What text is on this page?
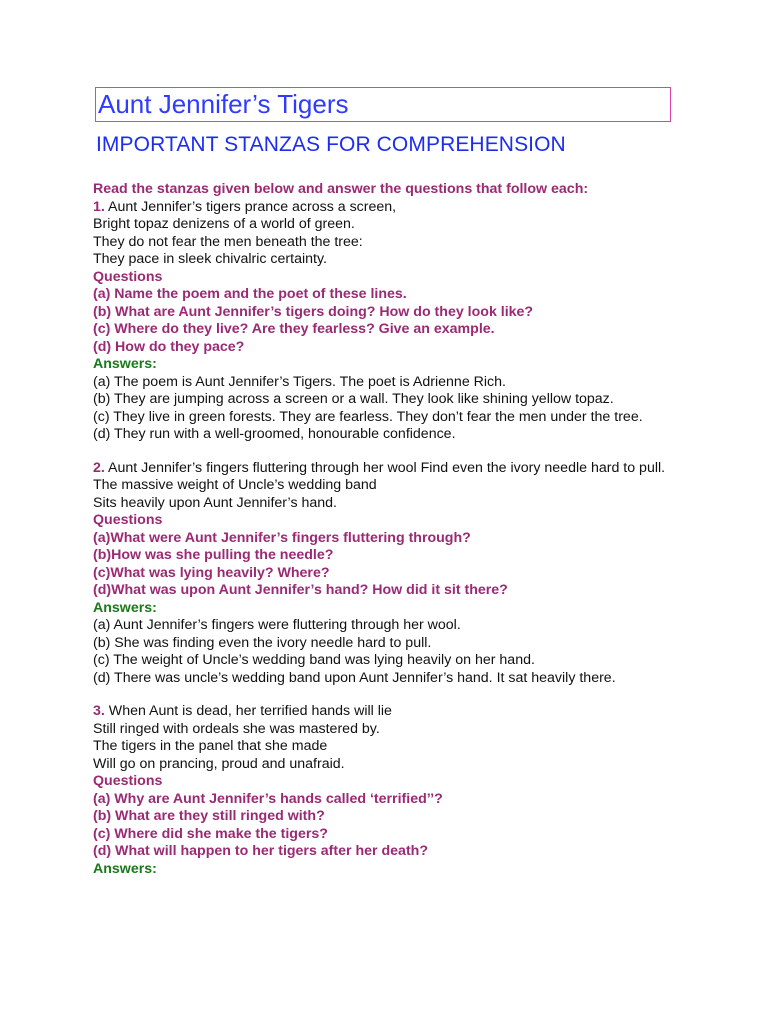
Aunt Jennifer’s Tigers
IMPORTANT STANZAS FOR COMPREHENSION
Read the stanzas given below and answer the questions that follow each:
1. Aunt Jennifer’s tigers prance across a screen,
Bright topaz denizens of a world of green.
They do not fear the men beneath the tree:
They pace in sleek chivalric certainty.
Questions
(a) Name the poem and the poet of these lines.
(b) What are Aunt Jennifer’s tigers doing? How do they look like?
(c) Where do they live? Are they fearless? Give an example.
(d) How do they pace?
Answers:
(a) The poem is Aunt Jennifer’s Tigers. The poet is Adrienne Rich.
(b) They are jumping across a screen or a wall. They look like shining yellow topaz.
(c) They live in green forests. They are fearless. They don’t fear the men under the tree.
(d) They run with a well-groomed, honourable confidence.
2. Aunt Jennifer’s fingers fluttering through her wool Find even the ivory needle hard to pull.
The massive weight of Uncle’s wedding band
Sits heavily upon Aunt Jennifer’s hand.
Questions
(a)What were Aunt Jennifer’s fingers fluttering through?
(b)How was she pulling the needle?
(c)What was lying heavily? Where?
(d)What was upon Aunt Jennifer’s hand? How did it sit there?
Answers:
(a) Aunt Jennifer’s fingers were fluttering through her wool.
(b) She was finding even the ivory needle hard to pull.
(c) The weight of Uncle’s wedding band was lying heavily on her hand.
(d) There was uncle’s wedding band upon Aunt Jennifer’s hand. It sat heavily there.
3. When Aunt is dead, her terrified hands will lie
Still ringed with ordeals she was mastered by.
The tigers in the panel that she made
Will go on prancing, proud and unafraid.
Questions
(a) Why are Aunt Jennifer’s hands called ‘terrified’’?
(b) What are they still ringed with?
(c) Where did she make the tigers?
(d) What will happen to her tigers after her death?
Answers:
